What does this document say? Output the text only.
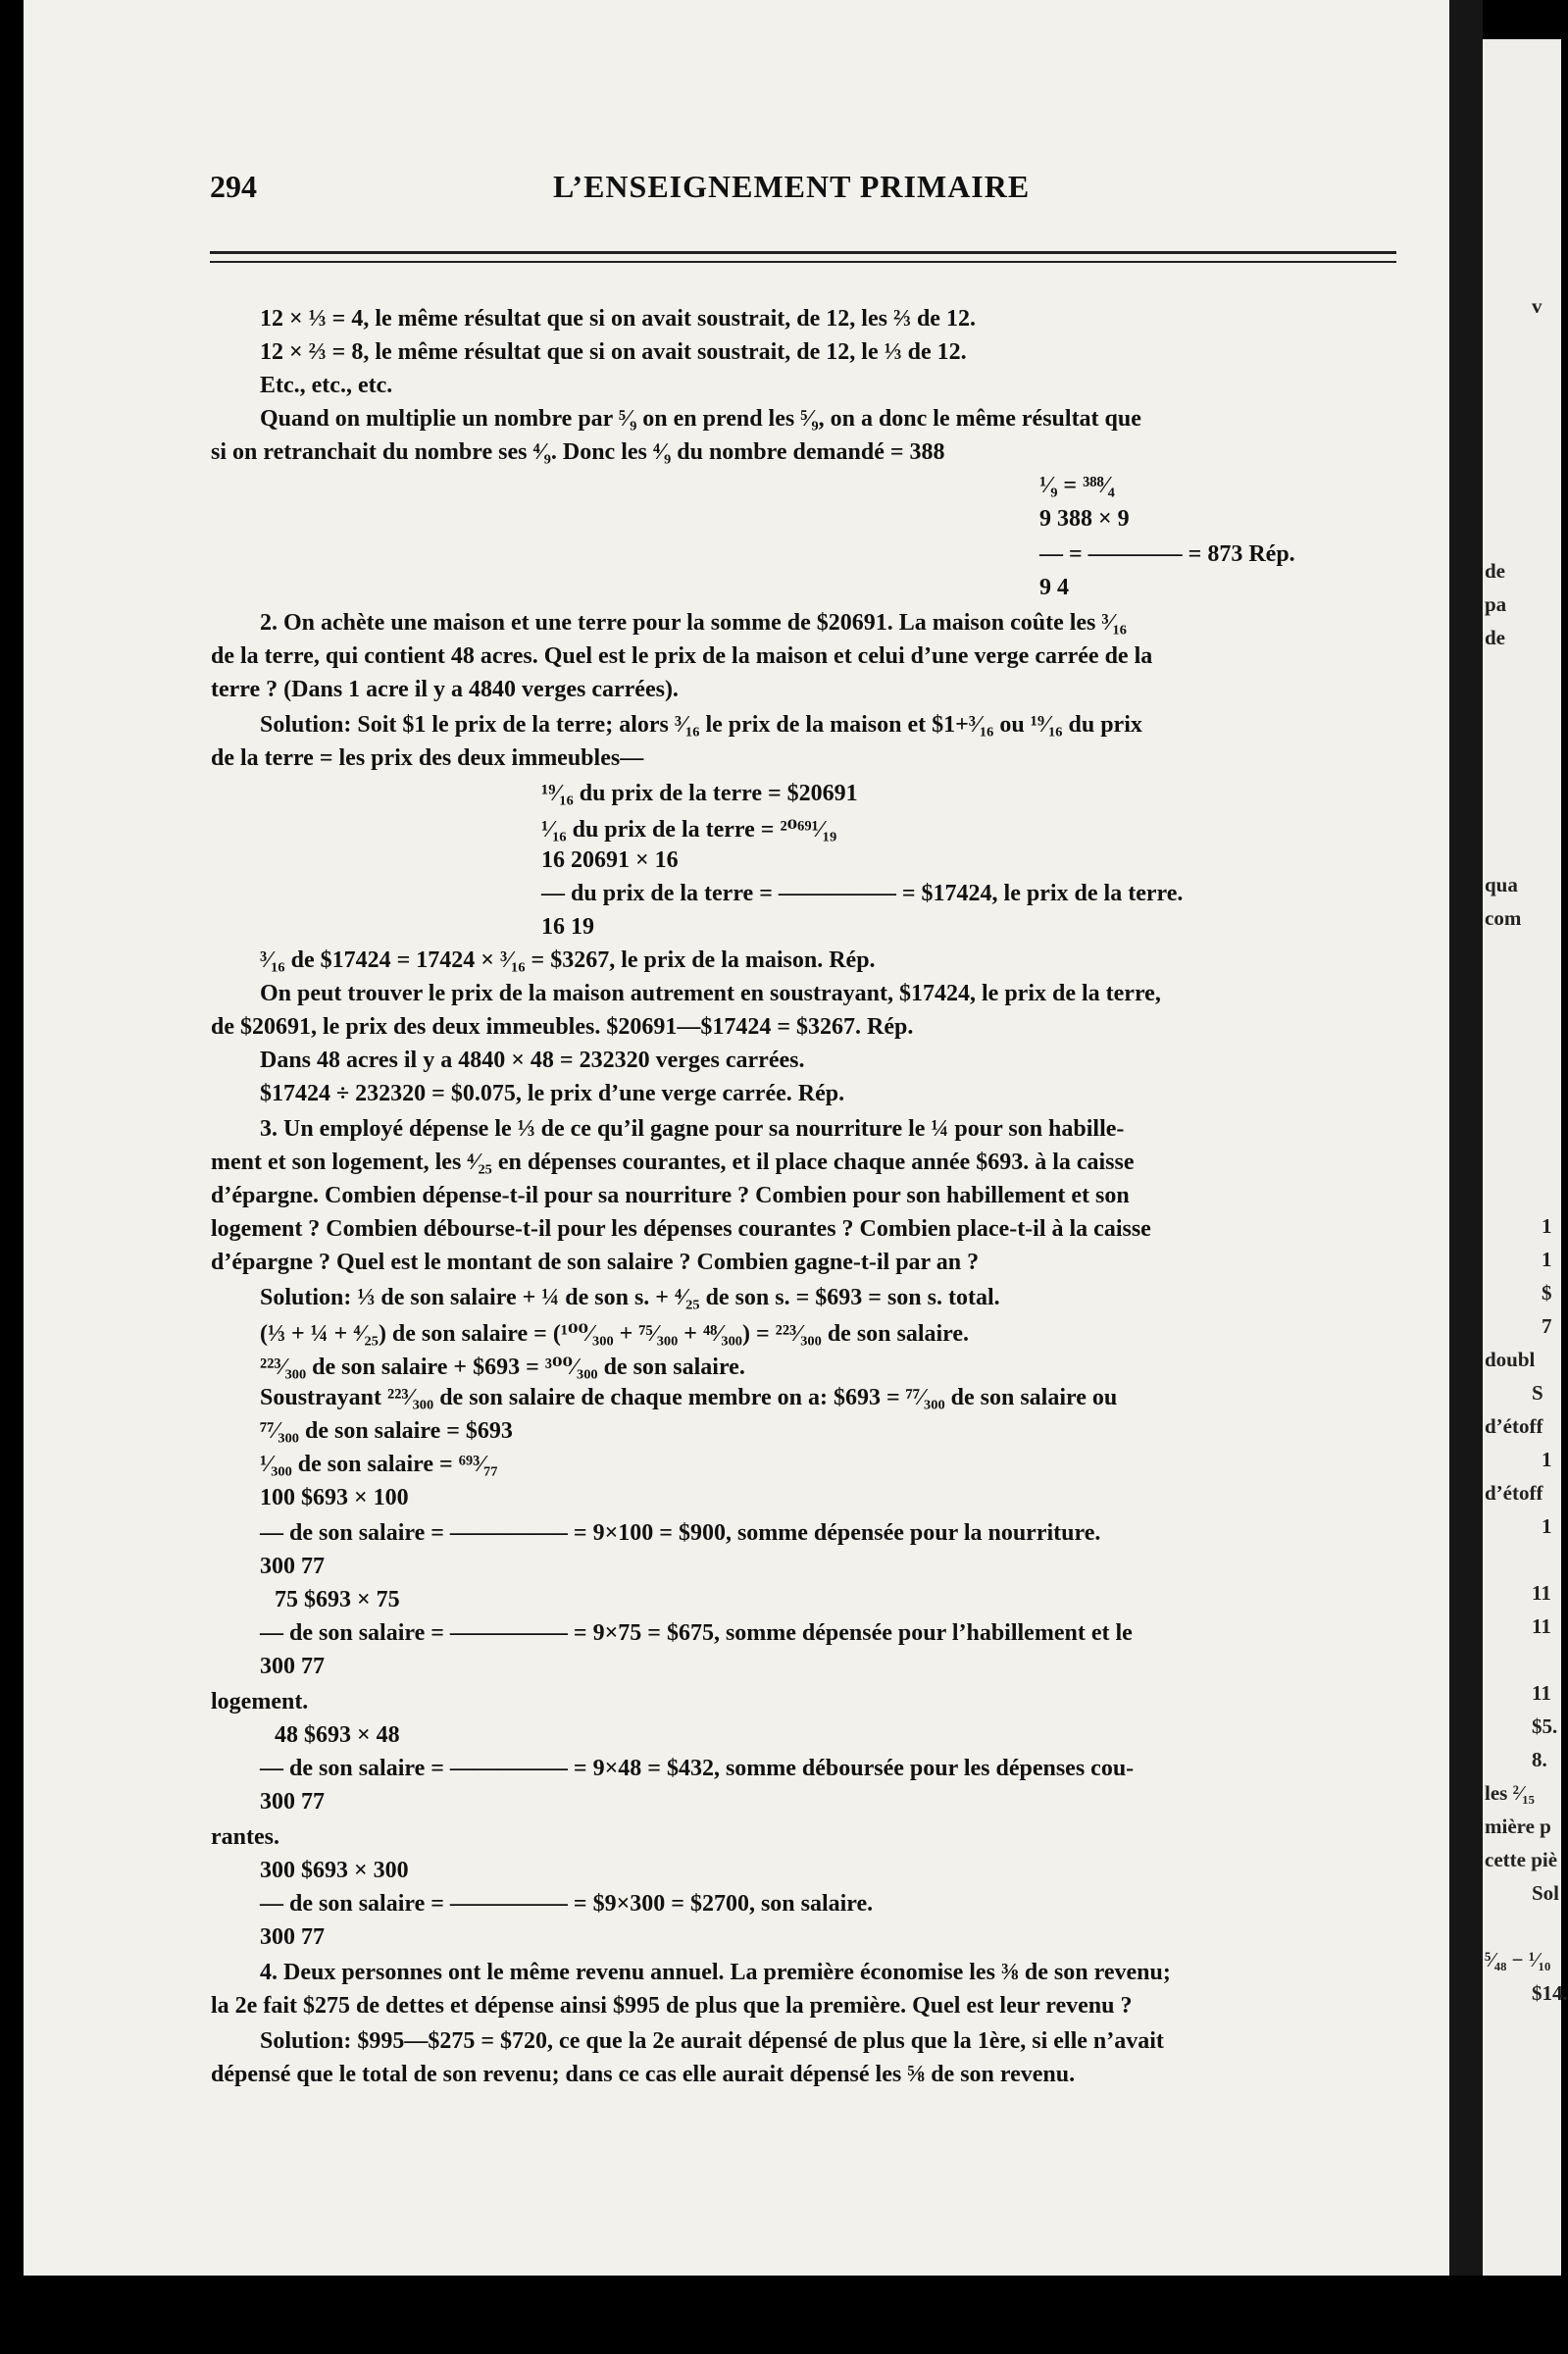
294	L’ENSEIGNEMENT PRIMAIRE
12 × ⅓ = 4, le même résultat que si on avait soustrait, de 12, les ⅔ de 12.
12 × ⅔ = 8, le même résultat que si on avait soustrait, de 12, le ⅓ de 12.
Etc., etc., etc.
Quand on multiplie un nombre par ⁵⁄₉ on en prend les ⁵⁄₉, on a donc le même résultat que
si on retranchait du nombre ses ⁴⁄₉. Donc les ⁴⁄₉ du nombre demandé = 388
¹⁄₉ = ³⁸⁸⁄₄
9 388 × 9
— = ———— = 873 Rép.
9 4
2. On achète une maison et une terre pour la somme de $20691. La maison coûte les ³⁄₁₆
de la terre, qui contient 48 acres. Quel est le prix de la maison et celui d’une verge carrée de la
terre ? (Dans 1 acre il y a 4840 verges carrées).
Solution: Soit $1 le prix de la terre; alors ³⁄₁₆ le prix de la maison et $1+³⁄₁₆ ou ¹⁹⁄₁₆ du prix
de la terre = les prix des deux immeubles—
¹⁹⁄₁₆ du prix de la terre = $20691
¹⁄₁₆ du prix de la terre = ²⁰⁶⁹¹⁄₁₉
16 20691 × 16
— du prix de la terre = ————— = $17424, le prix de la terre.
16 19
³⁄₁₆ de $17424 = 17424 × ³⁄₁₆ = $3267, le prix de la maison. Rép.
On peut trouver le prix de la maison autrement en soustrayant, $17424, le prix de la terre,
de $20691, le prix des deux immeubles. $20691—$17424 = $3267. Rép.
Dans 48 acres il y a 4840 × 48 = 232320 verges carrées.
$17424 ÷ 232320 = $0.075, le prix d’une verge carrée. Rép.
3. Un employé dépense le ⅓ de ce qu’il gagne pour sa nourriture le ¼ pour son habille-
ment et son logement, les ⁴⁄₂₅ en dépenses courantes, et il place chaque année $693. à la caisse
d’épargne. Combien dépense-t-il pour sa nourriture ? Combien pour son habillement et son
logement ? Combien débourse-t-il pour les dépenses courantes ? Combien place-t-il à la caisse
d’épargne ? Quel est le montant de son salaire ? Combien gagne-t-il par an ?
Solution: ⅓ de son salaire + ¼ de son s. + ⁴⁄₂₅ de son s. = $693 = son s. total.
(⅓ + ¼ + ⁴⁄₂₅) de son salaire = (¹⁰⁰⁄₃₀₀ + ⁷⁵⁄₃₀₀ + ⁴⁸⁄₃₀₀) = ²²³⁄₃₀₀ de son salaire.
²²³⁄₃₀₀ de son salaire + $693 = ³⁰⁰⁄₃₀₀ de son salaire.
Soustrayant ²²³⁄₃₀₀ de son salaire de chaque membre on a: $693 = ⁷⁷⁄₃₀₀ de son salaire ou
⁷⁷⁄₃₀₀ de son salaire = $693
¹⁄₃₀₀ de son salaire = ⁶⁹³⁄₇₇
100 $693 × 100
— de son salaire = ————— = 9×100 = $900, somme dépensée pour la nourriture.
300 77
75 $693 × 75
— de son salaire = ————— = 9×75 = $675, somme dépensée pour l’habillement et le
300 77
logement.
48 $693 × 48
— de son salaire = ————— = 9×48 = $432, somme déboursée pour les dépenses cou-
300 77
rantes.
300 $693 × 300
— de son salaire = ————— = $9×300 = $2700, son salaire.
300 77
4. Deux personnes ont le même revenu annuel. La première économise les ⅜ de son revenu;
la 2e fait $275 de dettes et dépense ainsi $995 de plus que la première. Quel est leur revenu ?
Solution: $995—$275 = $720, ce que la 2e aurait dépensé de plus que la 1ère, si elle n’avait
dépensé que le total de son revenu; dans ce cas elle aurait dépensé les ⅝ de son revenu.
v
de
pa
de
qua
com
1
1
$
7
doubl
S
d’étoff
1
d’étoff
1
11
11
11
$5.
8.
les ²⁄₁₅
mière p
cette piè
Sol
⁵⁄₄₈ − ¹⁄₁₀
$14.
